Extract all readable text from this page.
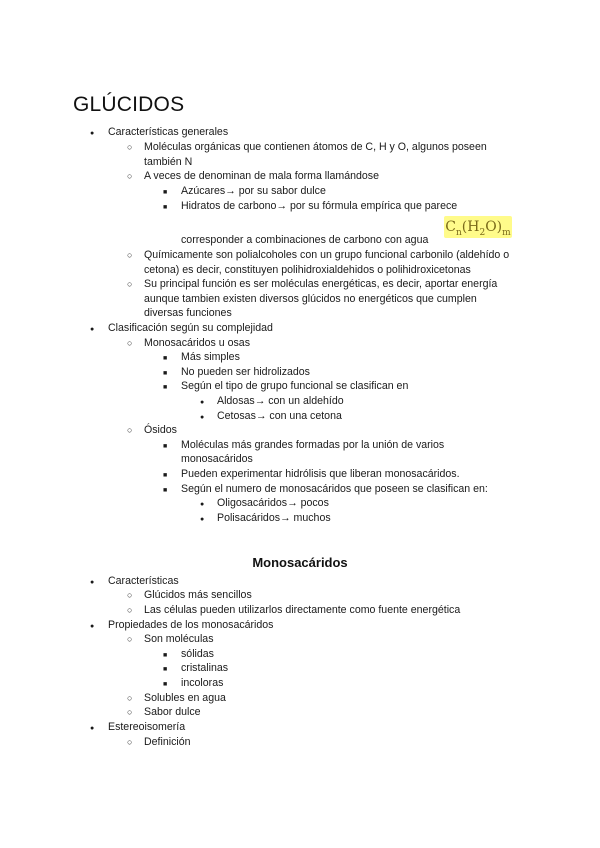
GLÚCIDOS
●
Características generales
○
Moléculas orgánicas que contienen átomos de C, H y O, algunos poseen
también N
○
A veces de denominan de mala forma llamándose
■
Azúcares→ por su sabor dulce
■
Hidratos de carbono→ por su fórmula empírica que parece
$C_n(H_2O)_m$
corresponder a combinaciones de carbono con agua
○
Químicamente son polialcoholes con un grupo funcional carbonilo (aldehído o
cetona) es decir, constituyen polihidroxialdehidos o polihidroxicetonas
○
Su principal función es ser moléculas energéticas, es decir, aportar energía
aunque tambien existen diversos glúcidos no energéticos que cumplen
diversas funciones
●
Clasificación según su complejidad
○
Monosacáridos u osas
■
Más simples
■
No pueden ser hidrolizados
■
Según el tipo de grupo funcional se clasifican en
●
Aldosas→ con un aldehído
●
Cetosas→ con una cetona
○
Ósidos
■
Moléculas más grandes formadas por la unión de varios
monosacáridos
■
Pueden experimentar hidrólisis que liberan monosacáridos.
■
Según el numero de monosacáridos que poseen se clasifican en:
●
Oligosacáridos→ pocos
●
Polisacáridos→ muchos
Monosacáridos
●
Características
○
Glúcidos más sencillos
○
Las células pueden utilizarlos directamente como fuente energética
●
Propiedades de los monosacáridos
○
Son moléculas
■
sólidas
■
cristalinas
■
incoloras
○
Solubles en agua
○
Sabor dulce
●
Estereoisomería
○
Definición
